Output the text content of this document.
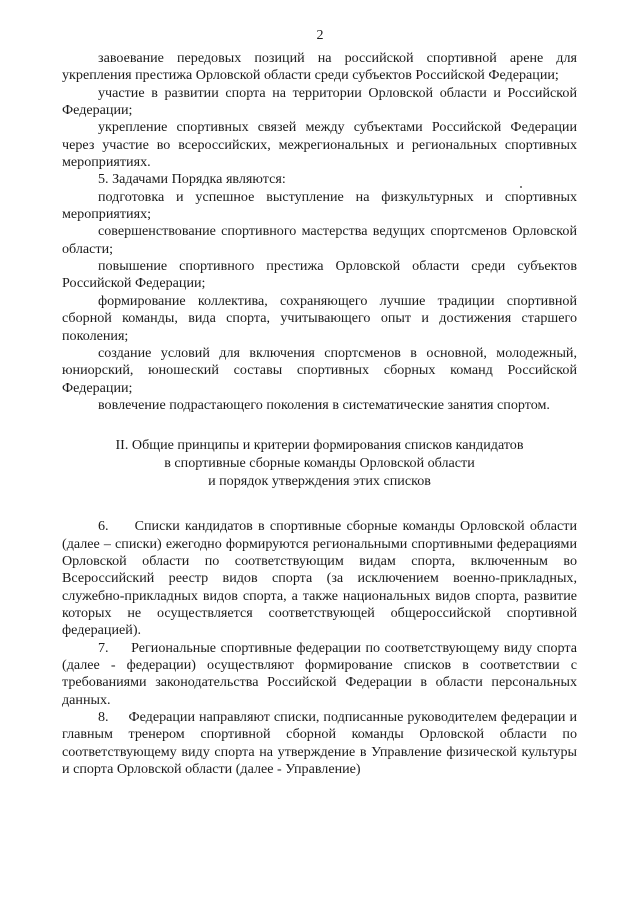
2

завоевание передовых позиций на российской спортивной арене для укрепления престижа Орловской области среди субъектов Российской Федерации;

участие в развитии спорта на территории Орловской области и Российской Федерации;

укрепление спортивных связей между субъектами Российской Федерации через участие во всероссийских, межрегиональных и региональных спортивных мероприятиях.

5. Задачами Порядка являются:

подготовка и успешное выступление на физкультурных и спортивных мероприятиях;

совершенствование спортивного мастерства ведущих спортсменов Орловской области;

повышение спортивного престижа Орловской области среди субъектов Российской Федерации;

формирование коллектива, сохраняющего лучшие традиции спортивной сборной команды, вида спорта, учитывающего опыт и достижения старшего поколения;

создание условий для включения спортсменов в основной, молодежный, юниорский, юношеский составы спортивных сборных команд Российской Федерации;

вовлечение подрастающего поколения в систематические занятия спортом.

II. Общие принципы и критерии формирования списков кандидатов
в спортивные сборные команды Орловской области
и порядок утверждения этих списков

6.     Списки кандидатов в спортивные сборные команды Орловской области (далее – списки) ежегодно формируются региональными спортивными федерациями Орловской области по соответствующим видам спорта, включенным во Всероссийский реестр видов спорта (за исключением военно-прикладных, служебно-прикладных видов спорта, а также национальных видов спорта, развитие которых не осуществляется соответствующей общероссийской спортивной федерацией).

7.     Региональные спортивные федерации по соответствующему виду спорта (далее - федерации) осуществляют формирование списков в соответствии с требованиями законодательства Российской Федерации в области персональных данных.

8.     Федерации направляют списки, подписанные руководителем федерации и главным тренером спортивной сборной команды Орловской области по соответствующему виду спорта на утверждение в Управление физической культуры и спорта Орловской области (далее - Управление)
